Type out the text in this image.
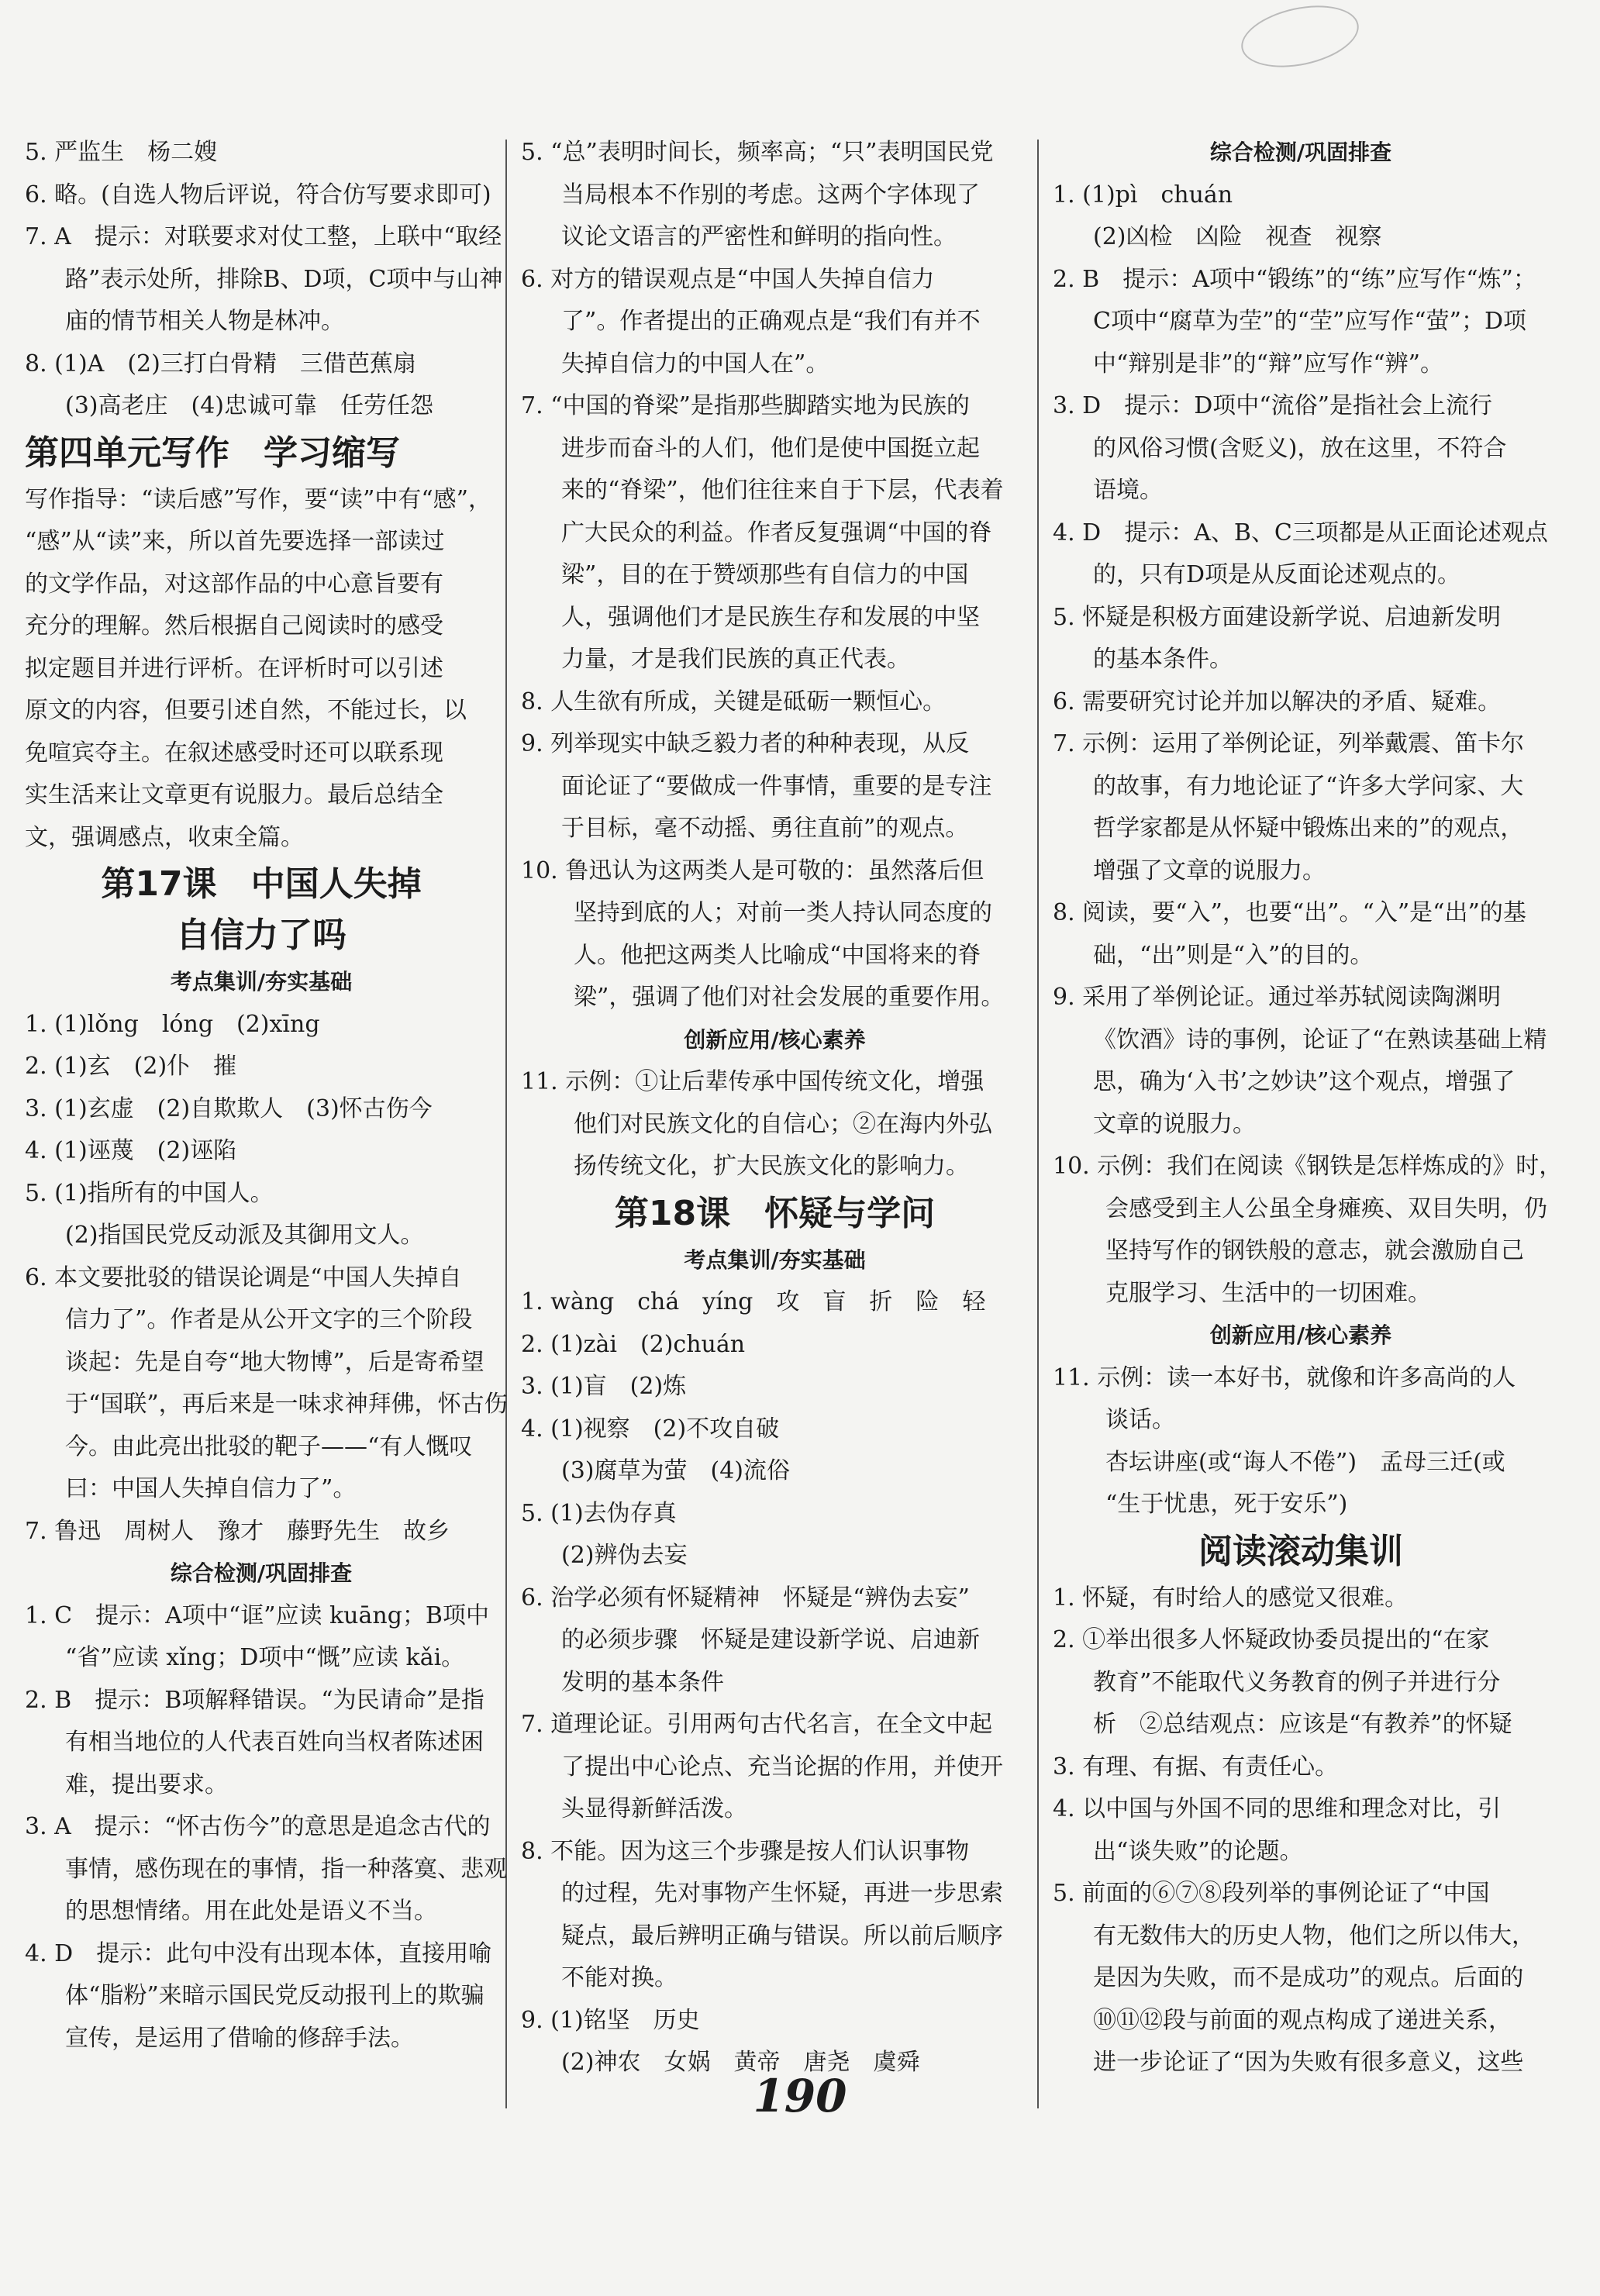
5. 严监生　杨二嫂
6. 略。(自选人物后评说，符合仿写要求即可)
7. A　提示：对联要求对仗工整，上联中“取经
路”表示处所，排除B、D项，C项中与山神
庙的情节相关人物是林冲。
8. (1)A　(2)三打白骨精　三借芭蕉扇
(3)高老庄　(4)忠诚可靠　任劳任怨
第四单元写作　学习缩写
写作指导：“读后感”写作，要“读”中有“感”，
“感”从“读”来，所以首先要选择一部读过
的文学作品，对这部作品的中心意旨要有
充分的理解。然后根据自己阅读时的感受
拟定题目并进行评析。在评析时可以引述
原文的内容，但要引述自然，不能过长，以
免喧宾夺主。在叙述感受时还可以联系现
实生活来让文章更有说服力。最后总结全
文，强调感点，收束全篇。
第17课　中国人失掉
自信力了吗
考点集训/夯实基础
1. (1)lǒng　lóng　(2)xīng
2. (1)玄　(2)仆　摧
3. (1)玄虚　(2)自欺欺人　(3)怀古伤今
4. (1)诬蔑　(2)诬陷
5. (1)指所有的中国人。
(2)指国民党反动派及其御用文人。
6. 本文要批驳的错误论调是“中国人失掉自
信力了”。作者是从公开文字的三个阶段
谈起：先是自夸“地大物博”，后是寄希望
于“国联”，再后来是一味求神拜佛，怀古伤
今。由此亮出批驳的靶子——“有人慨叹
曰：中国人失掉自信力了”。
7. 鲁迅　周树人　豫才　藤野先生　故乡
综合检测/巩固排查
1. C　提示：A项中“诓”应读 kuāng；B项中
“省”应读 xǐng；D项中“慨”应读 kǎi。
2. B　提示：B项解释错误。“为民请命”是指
有相当地位的人代表百姓向当权者陈述困
难，提出要求。
3. A　提示：“怀古伤今”的意思是追念古代的
事情，感伤现在的事情，指一种落寞、悲观
的思想情绪。用在此处是语义不当。
4. D　提示：此句中没有出现本体，直接用喻
体“脂粉”来暗示国民党反动报刊上的欺骗
宣传，是运用了借喻的修辞手法。
5. “总”表明时间长，频率高；“只”表明国民党
当局根本不作别的考虑。这两个字体现了
议论文语言的严密性和鲜明的指向性。
6. 对方的错误观点是“中国人失掉自信力
了”。作者提出的正确观点是“我们有并不
失掉自信力的中国人在”。
7. “中国的脊梁”是指那些脚踏实地为民族的
进步而奋斗的人们，他们是使中国挺立起
来的“脊梁”，他们往往来自于下层，代表着
广大民众的利益。作者反复强调“中国的脊
梁”，目的在于赞颂那些有自信力的中国
人，强调他们才是民族生存和发展的中坚
力量，才是我们民族的真正代表。
8. 人生欲有所成，关键是砥砺一颗恒心。
9. 列举现实中缺乏毅力者的种种表现，从反
面论证了“要做成一件事情，重要的是专注
于目标，毫不动摇、勇往直前”的观点。
10. 鲁迅认为这两类人是可敬的：虽然落后但
坚持到底的人；对前一类人持认同态度的
人。他把这两类人比喻成“中国将来的脊
梁”，强调了他们对社会发展的重要作用。
创新应用/核心素养
11. 示例：①让后辈传承中国传统文化，增强
他们对民族文化的自信心；②在海内外弘
扬传统文化，扩大民族文化的影响力。
第18课　怀疑与学问
考点集训/夯实基础
1. wàng　chá　yíng　攻　盲　折　险　轻
2. (1)zài　(2)chuán
3. (1)盲　(2)炼
4. (1)视察　(2)不攻自破
(3)腐草为萤　(4)流俗
5. (1)去伪存真
(2)辨伪去妄
6. 治学必须有怀疑精神　怀疑是“辨伪去妄”
的必须步骤　怀疑是建设新学说、启迪新
发明的基本条件
7. 道理论证。引用两句古代名言，在全文中起
了提出中心论点、充当论据的作用，并使开
头显得新鲜活泼。
8. 不能。因为这三个步骤是按人们认识事物
的过程，先对事物产生怀疑，再进一步思索
疑点，最后辨明正确与错误。所以前后顺序
不能对换。
9. (1)铭坚　历史
(2)神农　女娲　黄帝　唐尧　虞舜
综合检测/巩固排查
1. (1)pì　chuán
(2)凶检　凶险　视查　视察
2. B　提示：A项中“锻练”的“练”应写作“炼”；
C项中“腐草为茔”的“茔”应写作“萤”；D项
中“辩别是非”的“辩”应写作“辨”。
3. D　提示：D项中“流俗”是指社会上流行
的风俗习惯(含贬义)，放在这里，不符合
语境。
4. D　提示：A、B、C三项都是从正面论述观点
的，只有D项是从反面论述观点的。
5. 怀疑是积极方面建设新学说、启迪新发明
的基本条件。
6. 需要研究讨论并加以解决的矛盾、疑难。
7. 示例：运用了举例论证，列举戴震、笛卡尔
的故事，有力地论证了“许多大学问家、大
哲学家都是从怀疑中锻炼出来的”的观点，
增强了文章的说服力。
8. 阅读，要“入”，也要“出”。“入”是“出”的基
础，“出”则是“入”的目的。
9. 采用了举例论证。通过举苏轼阅读陶渊明
《饮酒》诗的事例，论证了“在熟读基础上精
思，确为‘入书’之妙诀”这个观点，增强了
文章的说服力。
10. 示例：我们在阅读《钢铁是怎样炼成的》时，
会感受到主人公虽全身瘫痪、双目失明，仍
坚持写作的钢铁般的意志，就会激励自己
克服学习、生活中的一切困难。
创新应用/核心素养
11. 示例：读一本好书，就像和许多高尚的人
谈话。
杏坛讲座(或“诲人不倦”)　孟母三迁(或
“生于忧患，死于安乐”)
阅读滚动集训
1. 怀疑，有时给人的感觉又很难。
2. ①举出很多人怀疑政协委员提出的“在家
教育”不能取代义务教育的例子并进行分
析　②总结观点：应该是“有教养”的怀疑
3. 有理、有据、有责任心。
4. 以中国与外国不同的思维和理念对比，引
出“谈失败”的论题。
5. 前面的⑥⑦⑧段列举的事例论证了“中国
有无数伟大的历史人物，他们之所以伟大，
是因为失败，而不是成功”的观点。后面的
⑩⑪⑫段与前面的观点构成了递进关系，
进一步论证了“因为失败有很多意义，这些
190
